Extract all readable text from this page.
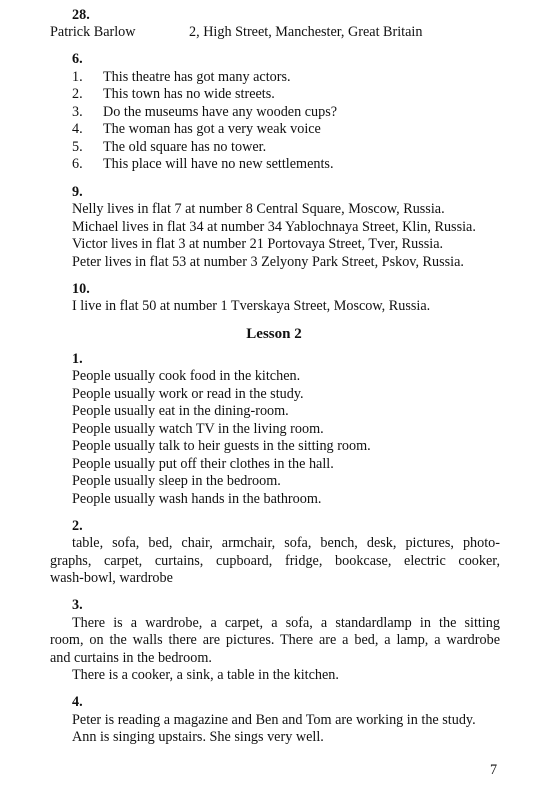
28.
Patrick Barlow	2, High Street, Manchester, Great Britain
6.
1. This theatre has got many actors.
2. This town has no wide streets.
3. Do the museums have any wooden cups?
4. The woman has got a very weak voice
5. The old square has no tower.
6. This place will have no new settlements.
9.
Nelly lives in flat 7 at number 8 Central Square, Moscow, Russia.
Michael lives in flat 34 at number 34 Yablochnaya Street, Klin, Russia.
Victor lives in flat 3 at number 21 Portovaya Street, Tver, Russia.
Peter lives in flat 53 at number 3 Zelyony Park Street, Pskov, Russia.
10.
I live in flat 50 at number 1 Tverskaya Street, Moscow, Russia.
Lesson 2
1.
People usually cook food in the kitchen.
People usually work or read in the study.
People usually eat in the dining-room.
People usually watch TV in the living room.
People usually talk to heir guests in the sitting room.
People usually put off their clothes in the hall.
People usually sleep in the bedroom.
People usually wash hands in the bathroom.
2.
table, sofa, bed, chair, armchair, sofa, bench, desk, pictures, photo-
graphs, carpet, curtains, cupboard, fridge, bookcase, electric cooker,
wash-bowl, wardrobe
3.
There is a wardrobe, a carpet, a sofa, a standardlamp in the sitting
room, on the walls there are pictures. There are a bed, a lamp, a wardrobe
and curtains in the bedroom.
There is a cooker, a sink, a table in the kitchen.
4.
Peter is reading a magazine and Ben and Tom are working in the study.
Ann is singing upstairs. She sings very well.
7
